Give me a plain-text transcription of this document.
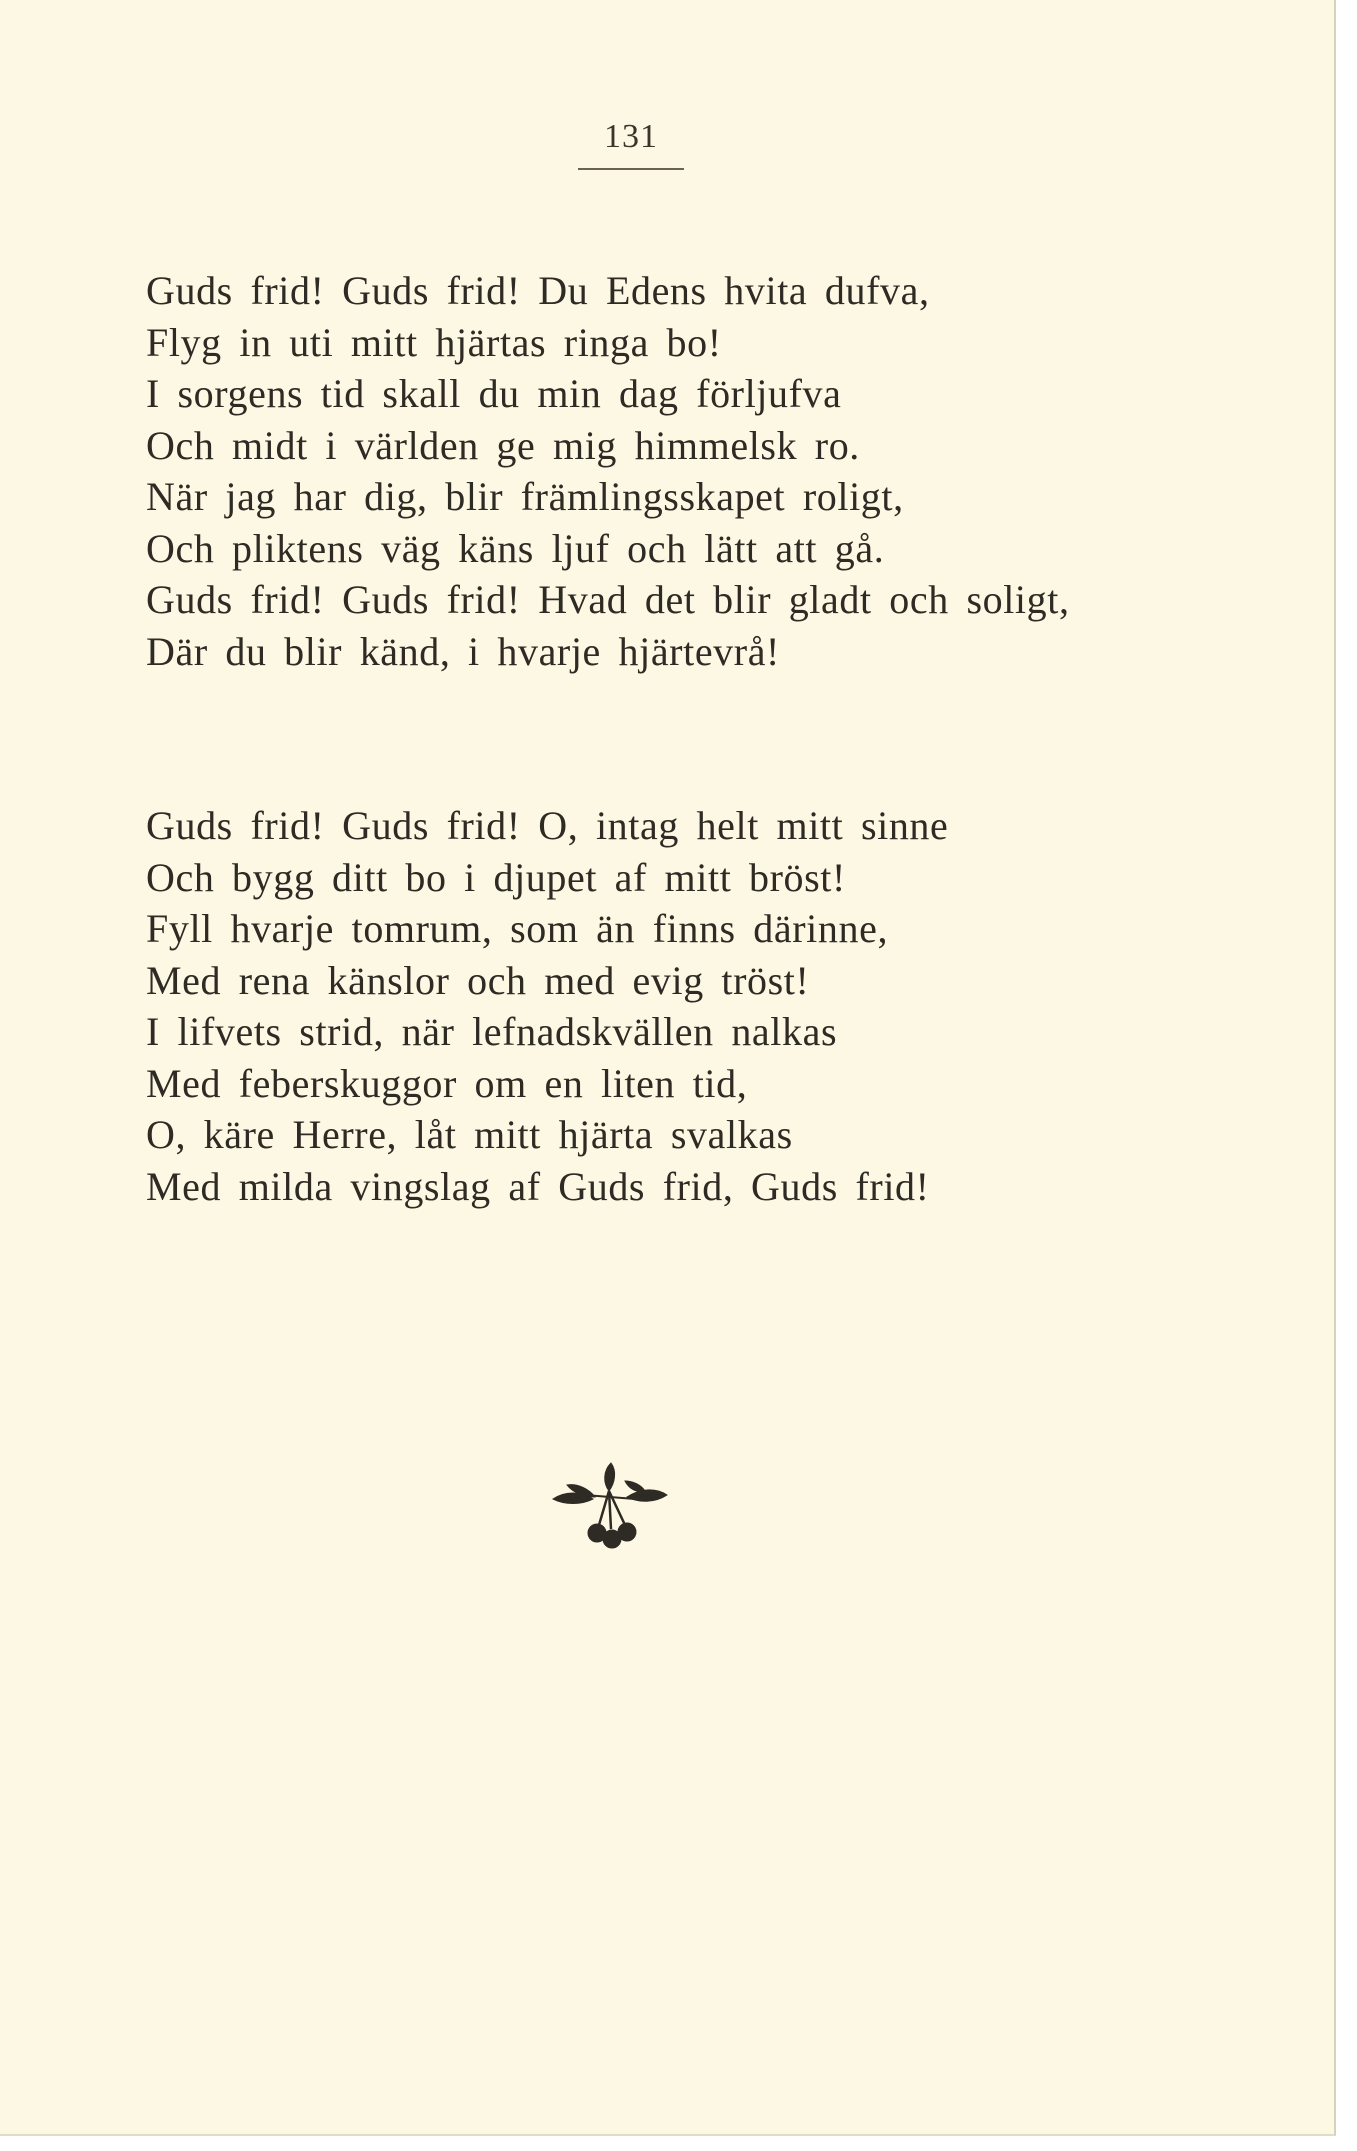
131
Guds frid! Guds frid! Du Edens hvita dufva,
Flyg in uti mitt hjärtas ringa bo!
I sorgens tid skall du min dag förljufva
Och midt i världen ge mig himmelsk ro.
När jag har dig, blir främlingsskapet roligt,
Och pliktens väg käns ljuf och lätt att gå.
Guds frid! Guds frid! Hvad det blir gladt och soligt,
Där du blir känd, i hvarje hjärtevrå!
Guds frid! Guds frid! O, intag helt mitt sinne
Och bygg ditt bo i djupet af mitt bröst!
Fyll hvarje tomrum, som än finns därinne,
Med rena känslor och med evig tröst!
I lifvets strid, när lefnadskvällen nalkas
Med feberskuggor om en liten tid,
O, käre Herre, låt mitt hjärta svalkas
Med milda vingslag af Guds frid, Guds frid!
